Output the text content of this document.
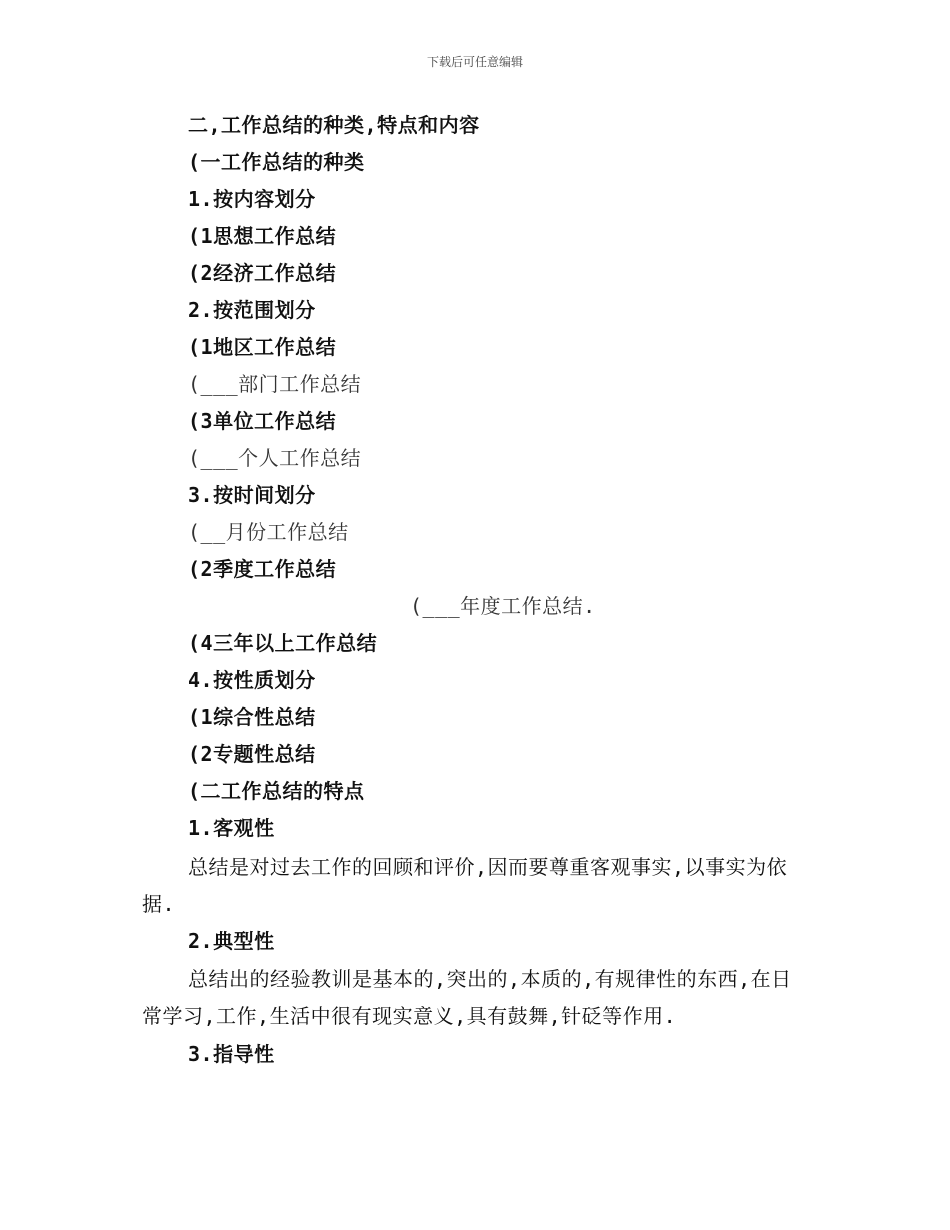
下载后可任意编辑
二,工作总结的种类,特点和内容
(一工作总结的种类
1.按内容划分
(1思想工作总结
(2经济工作总结
2.按范围划分
(1地区工作总结
(___部门工作总结
(3单位工作总结
(___个人工作总结
3.按时间划分
(__月份工作总结
(2季度工作总结
(___年度工作总结.
(4三年以上工作总结
4.按性质划分
(1综合性总结
(2专题性总结
(二工作总结的特点
1.客观性
总结是对过去工作的回顾和评价,因而要尊重客观事实,以事实为依据.
2.典型性
总结出的经验教训是基本的,突出的,本质的,有规律性的东西,在日常学习,工作,生活中很有现实意义,具有鼓舞,针砭等作用.
3.指导性
